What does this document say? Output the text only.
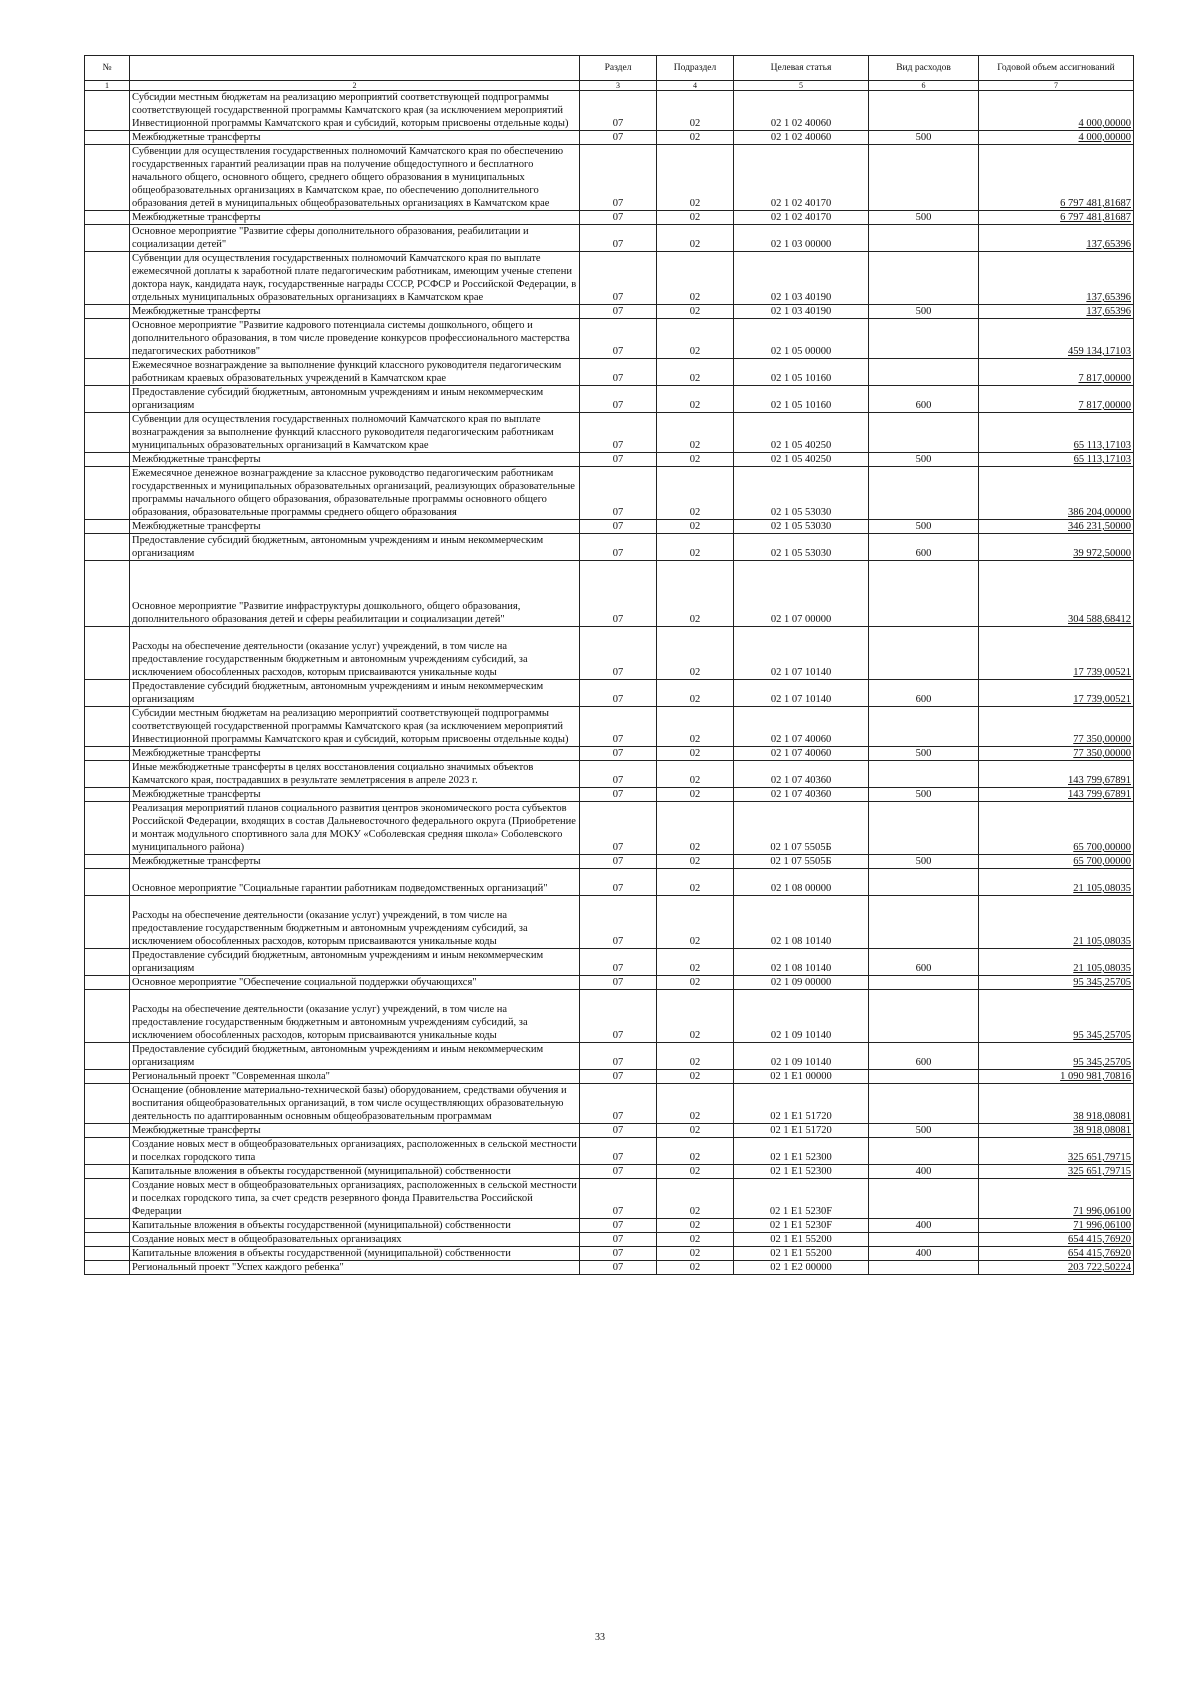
№		Раздел	Подраздел	Целевая статья	Вид расходов	Годовой объем ассигнований
1	2	3	4	5	6	7
	Субсидии местным бюджетам на реализацию мероприятий соответствующей подпрограммы соответствующей государственной программы Камчатского края (за исключением мероприятий Инвестиционной программы Камчатского края и субсидий, которым присвоены отдельные коды)	07	02	02 1 02 40060		4 000,00000
	Межбюджетные трансферты	07	02	02 1 02 40060	500	4 000,00000
	Субвенции для осуществления государственных полномочий Камчатского края по обеспечению государственных гарантий реализации прав на получение общедоступного и бесплатного начального общего, основного общего, среднего общего образования в муниципальных общеобразовательных организациях в Камчатском крае, по обеспечению дополнительного образования детей в муниципальных общеобразовательных организациях в Камчатском крае	07	02	02 1 02 40170		6 797 481,81687
	Межбюджетные трансферты	07	02	02 1 02 40170	500	6 797 481,81687
	Основное мероприятие "Развитие сферы дополнительного образования, реабилитации и социализации детей"	07	02	02 1 03 00000		137,65396
	Субвенции для осуществления государственных полномочий Камчатского края по выплате ежемесячной доплаты к заработной плате педагогическим работникам, имеющим ученые степени доктора наук, кандидата наук, государственные награды СССР, РСФСР и Российской Федерации, в отдельных муниципальных образовательных организациях в Камчатском крае	07	02	02 1 03 40190		137,65396
	Межбюджетные трансферты	07	02	02 1 03 40190	500	137,65396
	Основное мероприятие "Развитие кадрового потенциала системы дошкольного, общего и дополнительного образования, в том числе проведение конкурсов профессионального мастерства педагогических работников"	07	02	02 1 05 00000		459 134,17103
	Ежемесячное вознаграждение за выполнение функций классного руководителя педагогическим работникам краевых образовательных учреждений в Камчатском крае	07	02	02 1 05 10160		7 817,00000
	Предоставление субсидий бюджетным, автономным учреждениям и иным некоммерческим организациям	07	02	02 1 05 10160	600	7 817,00000
	Субвенции для осуществления государственных полномочий Камчатского края по выплате вознаграждения за выполнение функций классного руководителя педагогическим работникам муниципальных образовательных организаций в Камчатском крае	07	02	02 1 05 40250		65 113,17103
	Межбюджетные трансферты	07	02	02 1 05 40250	500	65 113,17103
	Ежемесячное денежное вознаграждение за классное руководство педагогическим работникам государственных и муниципальных образовательных организаций, реализующих образовательные программы начального общего образования, образовательные программы основного общего образования, образовательные программы среднего общего образования	07	02	02 1 05 53030		386 204,00000
	Межбюджетные трансферты	07	02	02 1 05 53030	500	346 231,50000
	Предоставление субсидий бюджетным, автономным учреждениям и иным некоммерческим организациям	07	02	02 1 05 53030	600	39 972,50000
	Основное мероприятие "Развитие инфраструктуры дошкольного, общего образования, дополнительного образования детей и сферы реабилитации и социализации детей"	07	02	02 1 07 00000		304 588,68412
	Расходы на обеспечение деятельности (оказание услуг) учреждений, в том числе на предоставление государственным бюджетным и автономным учреждениям субсидий, за исключением обособленных расходов, которым присваиваются уникальные коды	07	02	02 1 07 10140		17 739,00521
	Предоставление субсидий бюджетным, автономным учреждениям и иным некоммерческим организациям	07	02	02 1 07 10140	600	17 739,00521
	Субсидии местным бюджетам на реализацию мероприятий соответствующей подпрограммы соответствующей государственной программы Камчатского края (за исключением мероприятий Инвестиционной программы Камчатского края и субсидий, которым присвоены отдельные коды)	07	02	02 1 07 40060		77 350,00000
	Межбюджетные трансферты	07	02	02 1 07 40060	500	77 350,00000
	Иные межбюджетные трансферты в целях восстановления социально значимых объектов Камчатского края, пострадавших в результате землетрясения в апреле 2023 г.	07	02	02 1 07 40360		143 799,67891
	Межбюджетные трансферты	07	02	02 1 07 40360	500	143 799,67891
	Реализация мероприятий планов социального развития центров экономического роста субъектов Российской Федерации, входящих в состав Дальневосточного федерального округа (Приобретение и монтаж модульного спортивного зала для МОКУ «Соболевская средняя школа» Соболевского муниципального района)	07	02	02 1 07 5505Б		65 700,00000
	Межбюджетные трансферты	07	02	02 1 07 5505Б	500	65 700,00000
	Основное мероприятие "Социальные гарантии работникам подведомственных организаций"	07	02	02 1 08 00000		21 105,08035
	Расходы на обеспечение деятельности (оказание услуг) учреждений, в том числе на предоставление государственным бюджетным и автономным учреждениям субсидий, за исключением обособленных расходов, которым присваиваются уникальные коды	07	02	02 1 08 10140		21 105,08035
	Предоставление субсидий бюджетным, автономным учреждениям и иным некоммерческим организациям	07	02	02 1 08 10140	600	21 105,08035
	Основное мероприятие "Обеспечение социальной поддержки обучающихся"	07	02	02 1 09 00000		95 345,25705
	Расходы на обеспечение деятельности (оказание услуг) учреждений, в том числе на предоставление государственным бюджетным и автономным учреждениям субсидий, за исключением обособленных расходов, которым присваиваются уникальные коды	07	02	02 1 09 10140		95 345,25705
	Предоставление субсидий бюджетным, автономным учреждениям и иным некоммерческим организациям	07	02	02 1 09 10140	600	95 345,25705
	Региональный проект "Современная школа"	07	02	02 1 E1 00000		1 090 981,70816
	Оснащение (обновление материально-технической базы) оборудованием, средствами обучения и воспитания общеобразовательных организаций, в том числе осуществляющих образовательную деятельность по адаптированным основным общеобразовательным программам	07	02	02 1 E1 51720		38 918,08081
	Межбюджетные трансферты	07	02	02 1 E1 51720	500	38 918,08081
	Создание новых мест в общеобразовательных организациях, расположенных в сельской местности и поселках городского типа	07	02	02 1 E1 52300		325 651,79715
	Капитальные вложения в объекты государственной (муниципальной) собственности	07	02	02 1 E1 52300	400	325 651,79715
	Создание новых мест в общеобразовательных организациях, расположенных в сельской местности и поселках городского типа, за счет средств резервного фонда Правительства Российской Федерации	07	02	02 1 E1 5230F		71 996,06100
	Капитальные вложения в объекты государственной (муниципальной) собственности	07	02	02 1 E1 5230F	400	71 996,06100
	Создание новых мест в общеобразовательных организациях	07	02	02 1 E1 55200		654 415,76920
	Капитальные вложения в объекты государственной (муниципальной) собственности	07	02	02 1 E1 55200	400	654 415,76920
	Региональный проект "Успех каждого ребенка"	07	02	02 1 E2 00000		203 722,50224
33
